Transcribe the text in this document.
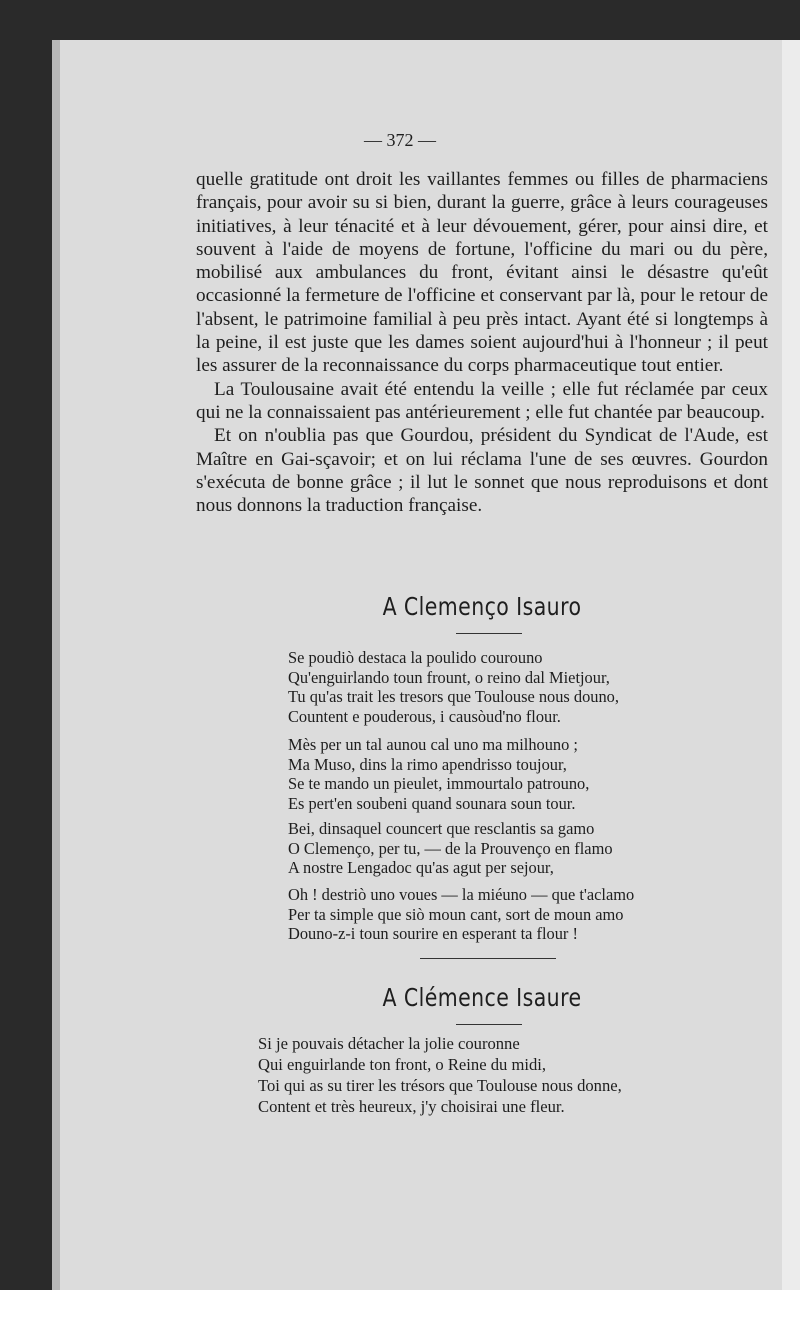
— 372 —

quelle gratitude ont droit les vaillantes femmes ou filles de pharmaciens français, pour avoir su si bien, durant la guerre, grâce à leurs courageuses initiatives, à leur ténacité et à leur dévouement, gérer, pour ainsi dire, et souvent à l'aide de moyens de fortune, l'officine du mari ou du père, mobilisé aux ambulances du front, évitant ainsi le désastre qu'eût occasionné la fermeture de l'officine et conservant par là, pour le retour de l'absent, le patrimoine familial à peu près intact. Ayant été si longtemps à la peine, il est juste que les dames soient aujourd'hui à l'honneur ; il peut les assurer de la reconnaissance du corps pharmaceutique tout entier.

La Toulousaine avait été entendu la veille ; elle fut réclamée par ceux qui ne la connaissaient pas antérieurement ; elle fut chantée par beaucoup.

Et on n'oublia pas que Gourdou, président du Syndicat de l'Aude, est Maître en Gai-sçavoir; et on lui réclama l'une de ses œuvres. Gourdon s'exécuta de bonne grâce ; il lut le sonnet que nous reproduisons et dont nous donnons la traduction française.

A Clemenço Isauro
Se poudiò destaca la poulido courouno
Qu'enguirlando toun frount, o reino dal Mietjour,
Tu qu'as trait les tresors que Toulouse nous douno,
Countent e pouderous, i causòud'no flour.
Mès per un tal aunou cal uno ma milhouno ;
Ma Muso, dins la rimo apendrisso toujour,
Se te mando un pieulet, immourtalo patrouno,
Es pert'en soubeni quand sounara soun tour.
Bei, dinsaquel councert que resclantis sa gamo
O Clemenço, per tu, — de la Prouvenço en flamo
A nostre Lengadoc qu'as agut per sejour,
Oh ! destriò uno voues — la miéuno — que t'aclamo
Per ta simple que siò moun cant, sort de moun amo
Douno-z-i toun sourire en esperant ta flour !
A Clémence Isaure
Si je pouvais détacher la jolie couronne
Qui enguirlande ton front, o Reine du midi,
Toi qui as su tirer les trésors que Toulouse nous donne,
Content et très heureux, j'y choisirai une fleur.
